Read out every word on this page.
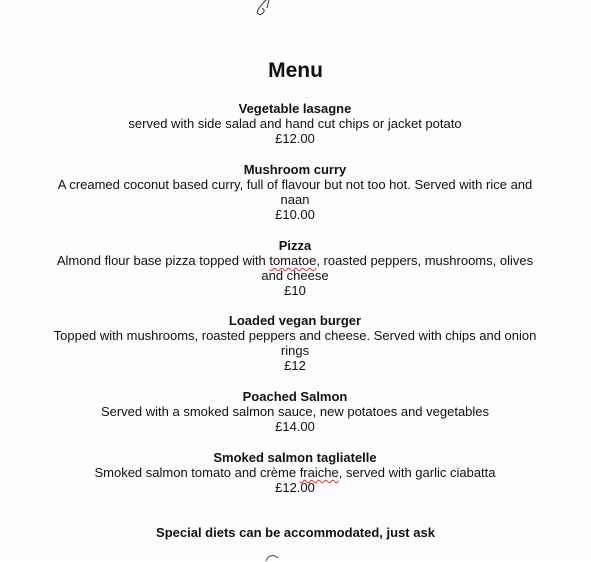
Menu
Vegetable lasagne
served with side salad and hand cut chips or jacket potato
£12.00
Mushroom curry
A creamed coconut based curry, full of flavour but not too hot. Served with rice and naan
£10.00
Pizza
Almond flour base pizza topped with tomatoe, roasted peppers, mushrooms, olives and cheese
£10
Loaded vegan burger
Topped with mushrooms, roasted peppers and cheese. Served with chips and onion rings
£12
Poached Salmon
Served with a smoked salmon sauce, new potatoes and vegetables
£14.00
Smoked salmon tagliatelle
Smoked salmon tomato and crème fraiche, served with garlic ciabatta
£12.00
Special diets can be accommodated, just ask
